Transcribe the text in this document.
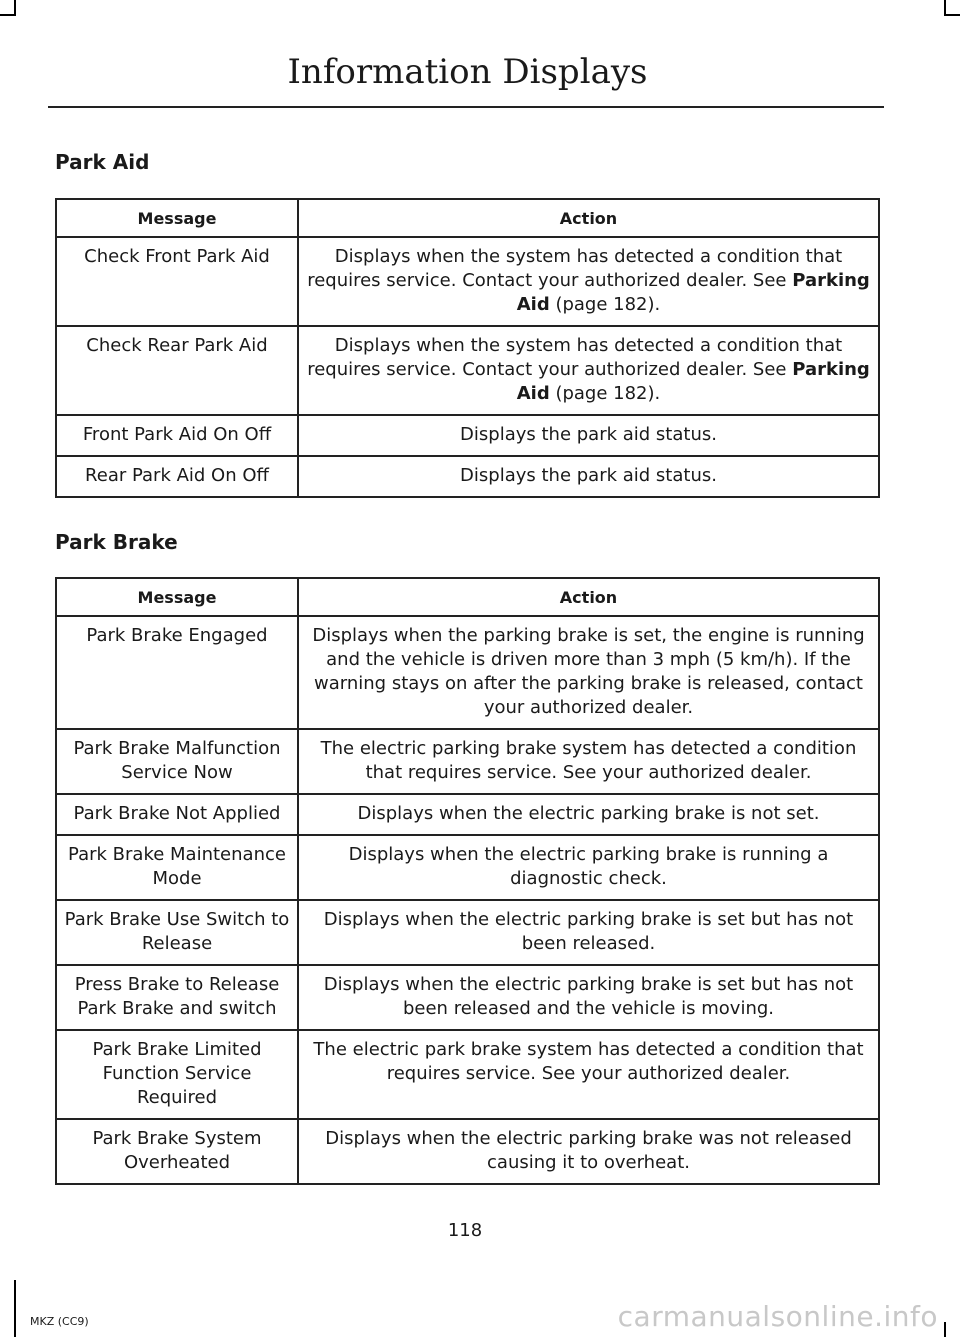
Information Displays
Park Aid
Message	Action
Check Front Park Aid	Displays when the system has detected a condition that requires service. Contact your authorized dealer. See Parking Aid (page 182).
Check Rear Park Aid	Displays when the system has detected a condition that requires service. Contact your authorized dealer. See Parking Aid (page 182).
Front Park Aid On Off	Displays the park aid status.
Rear Park Aid On Off	Displays the park aid status.
Park Brake
Message	Action
Park Brake Engaged	Displays when the parking brake is set, the engine is running and the vehicle is driven more than 3 mph (5 km/h). If the warning stays on after the parking brake is released, contact your authorized dealer.
Park Brake Malfunction Service Now	The electric parking brake system has detected a condition that requires service. See your authorized dealer.
Park Brake Not Applied	Displays when the electric parking brake is not set.
Park Brake Maintenance Mode	Displays when the electric parking brake is running a diagnostic check.
Park Brake Use Switch to Release	Displays when the electric parking brake is set but has not been released.
Press Brake to Release Park Brake and switch	Displays when the electric parking brake is set but has not been released and the vehicle is moving.
Park Brake Limited Function Service Required	The electric park brake system has detected a condition that requires service. See your authorized dealer.
Park Brake System Overheated	Displays when the electric parking brake was not released causing it to overheat.
118
MKZ (CC9)	carmanualsonline.info
